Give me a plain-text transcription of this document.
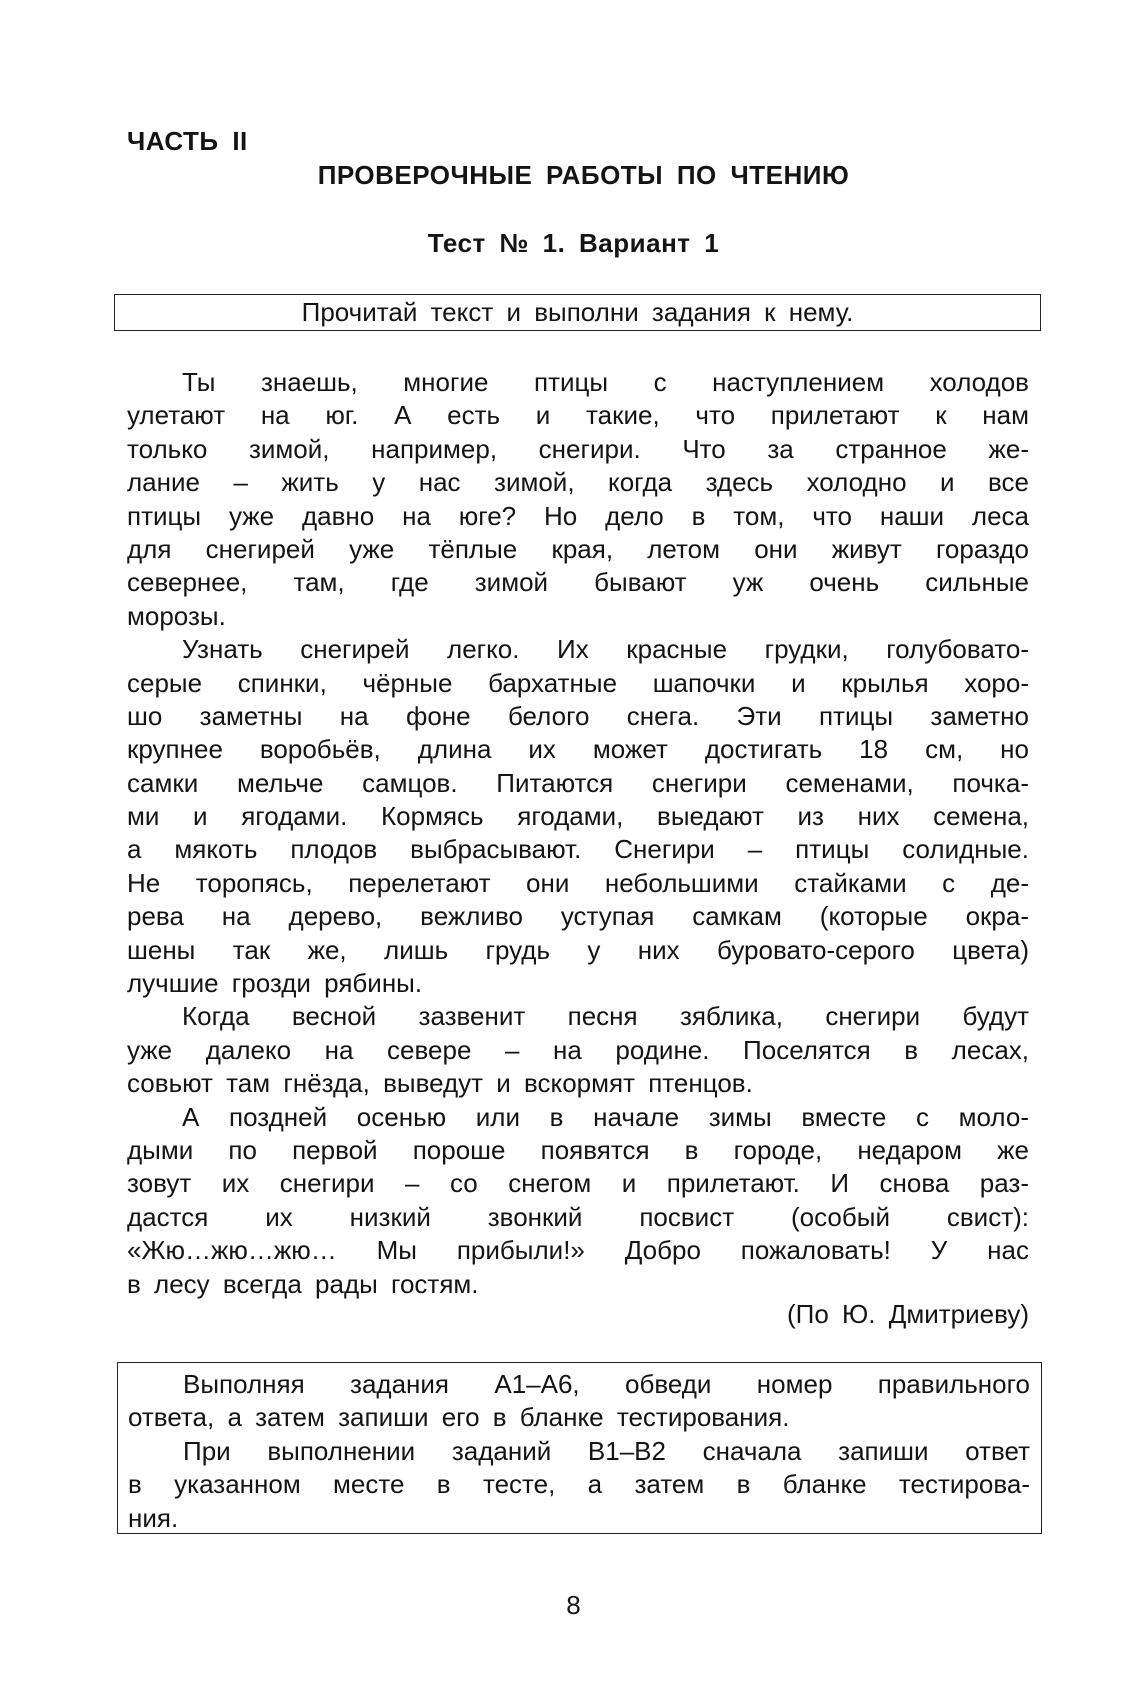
ЧАСТЬ II
ПРОВЕРОЧНЫЕ РАБОТЫ ПО ЧТЕНИЮ
Тест № 1. Вариант 1
Прочитай текст и выполни задания к нему.
Ты знаешь, многие птицы с наступлением холодов
улетают на юг. А есть и такие, что прилетают к нам
только зимой, например, снегири. Что за странное же-
лание – жить у нас зимой, когда здесь холодно и все
птицы уже давно на юге? Но дело в том, что наши леса
для снегирей уже тёплые края, летом они живут гораздо
севернее, там, где зимой бывают уж очень сильные
морозы.
Узнать снегирей легко. Их красные грудки, голубовато-
серые спинки, чёрные бархатные шапочки и крылья хоро-
шо заметны на фоне белого снега. Эти птицы заметно
крупнее воробьёв, длина их может достигать 18 см, но
самки мельче самцов. Питаются снегири семенами, почка-
ми и ягодами. Кормясь ягодами, выедают из них семена,
а мякоть плодов выбрасывают. Снегири – птицы солидные.
Не торопясь, перелетают они небольшими стайками с де-
рева на дерево, вежливо уступая самкам (которые окра-
шены так же, лишь грудь у них буровато-серого цвета)
лучшие грозди рябины.
Когда весной зазвенит песня зяблика, снегири будут
уже далеко на севере – на родине. Поселятся в лесах,
совьют там гнёзда, выведут и вскормят птенцов.
А поздней осенью или в начале зимы вместе с моло-
дыми по первой пороше появятся в городе, недаром же
зовут их снегири – со снегом и прилетают. И снова раз-
дастся их низкий звонкий посвист (особый свист):
«Жю…жю…жю… Мы прибыли!» Добро пожаловать! У нас
в лесу всегда рады гостям.
(По Ю. Дмитриеву)
Выполняя задания А1–А6, обведи номер правильного
ответа, а затем запиши его в бланке тестирования.
При выполнении заданий В1–В2 сначала запиши ответ
в указанном месте в тесте, а затем в бланке тестирова-
ния.
8
